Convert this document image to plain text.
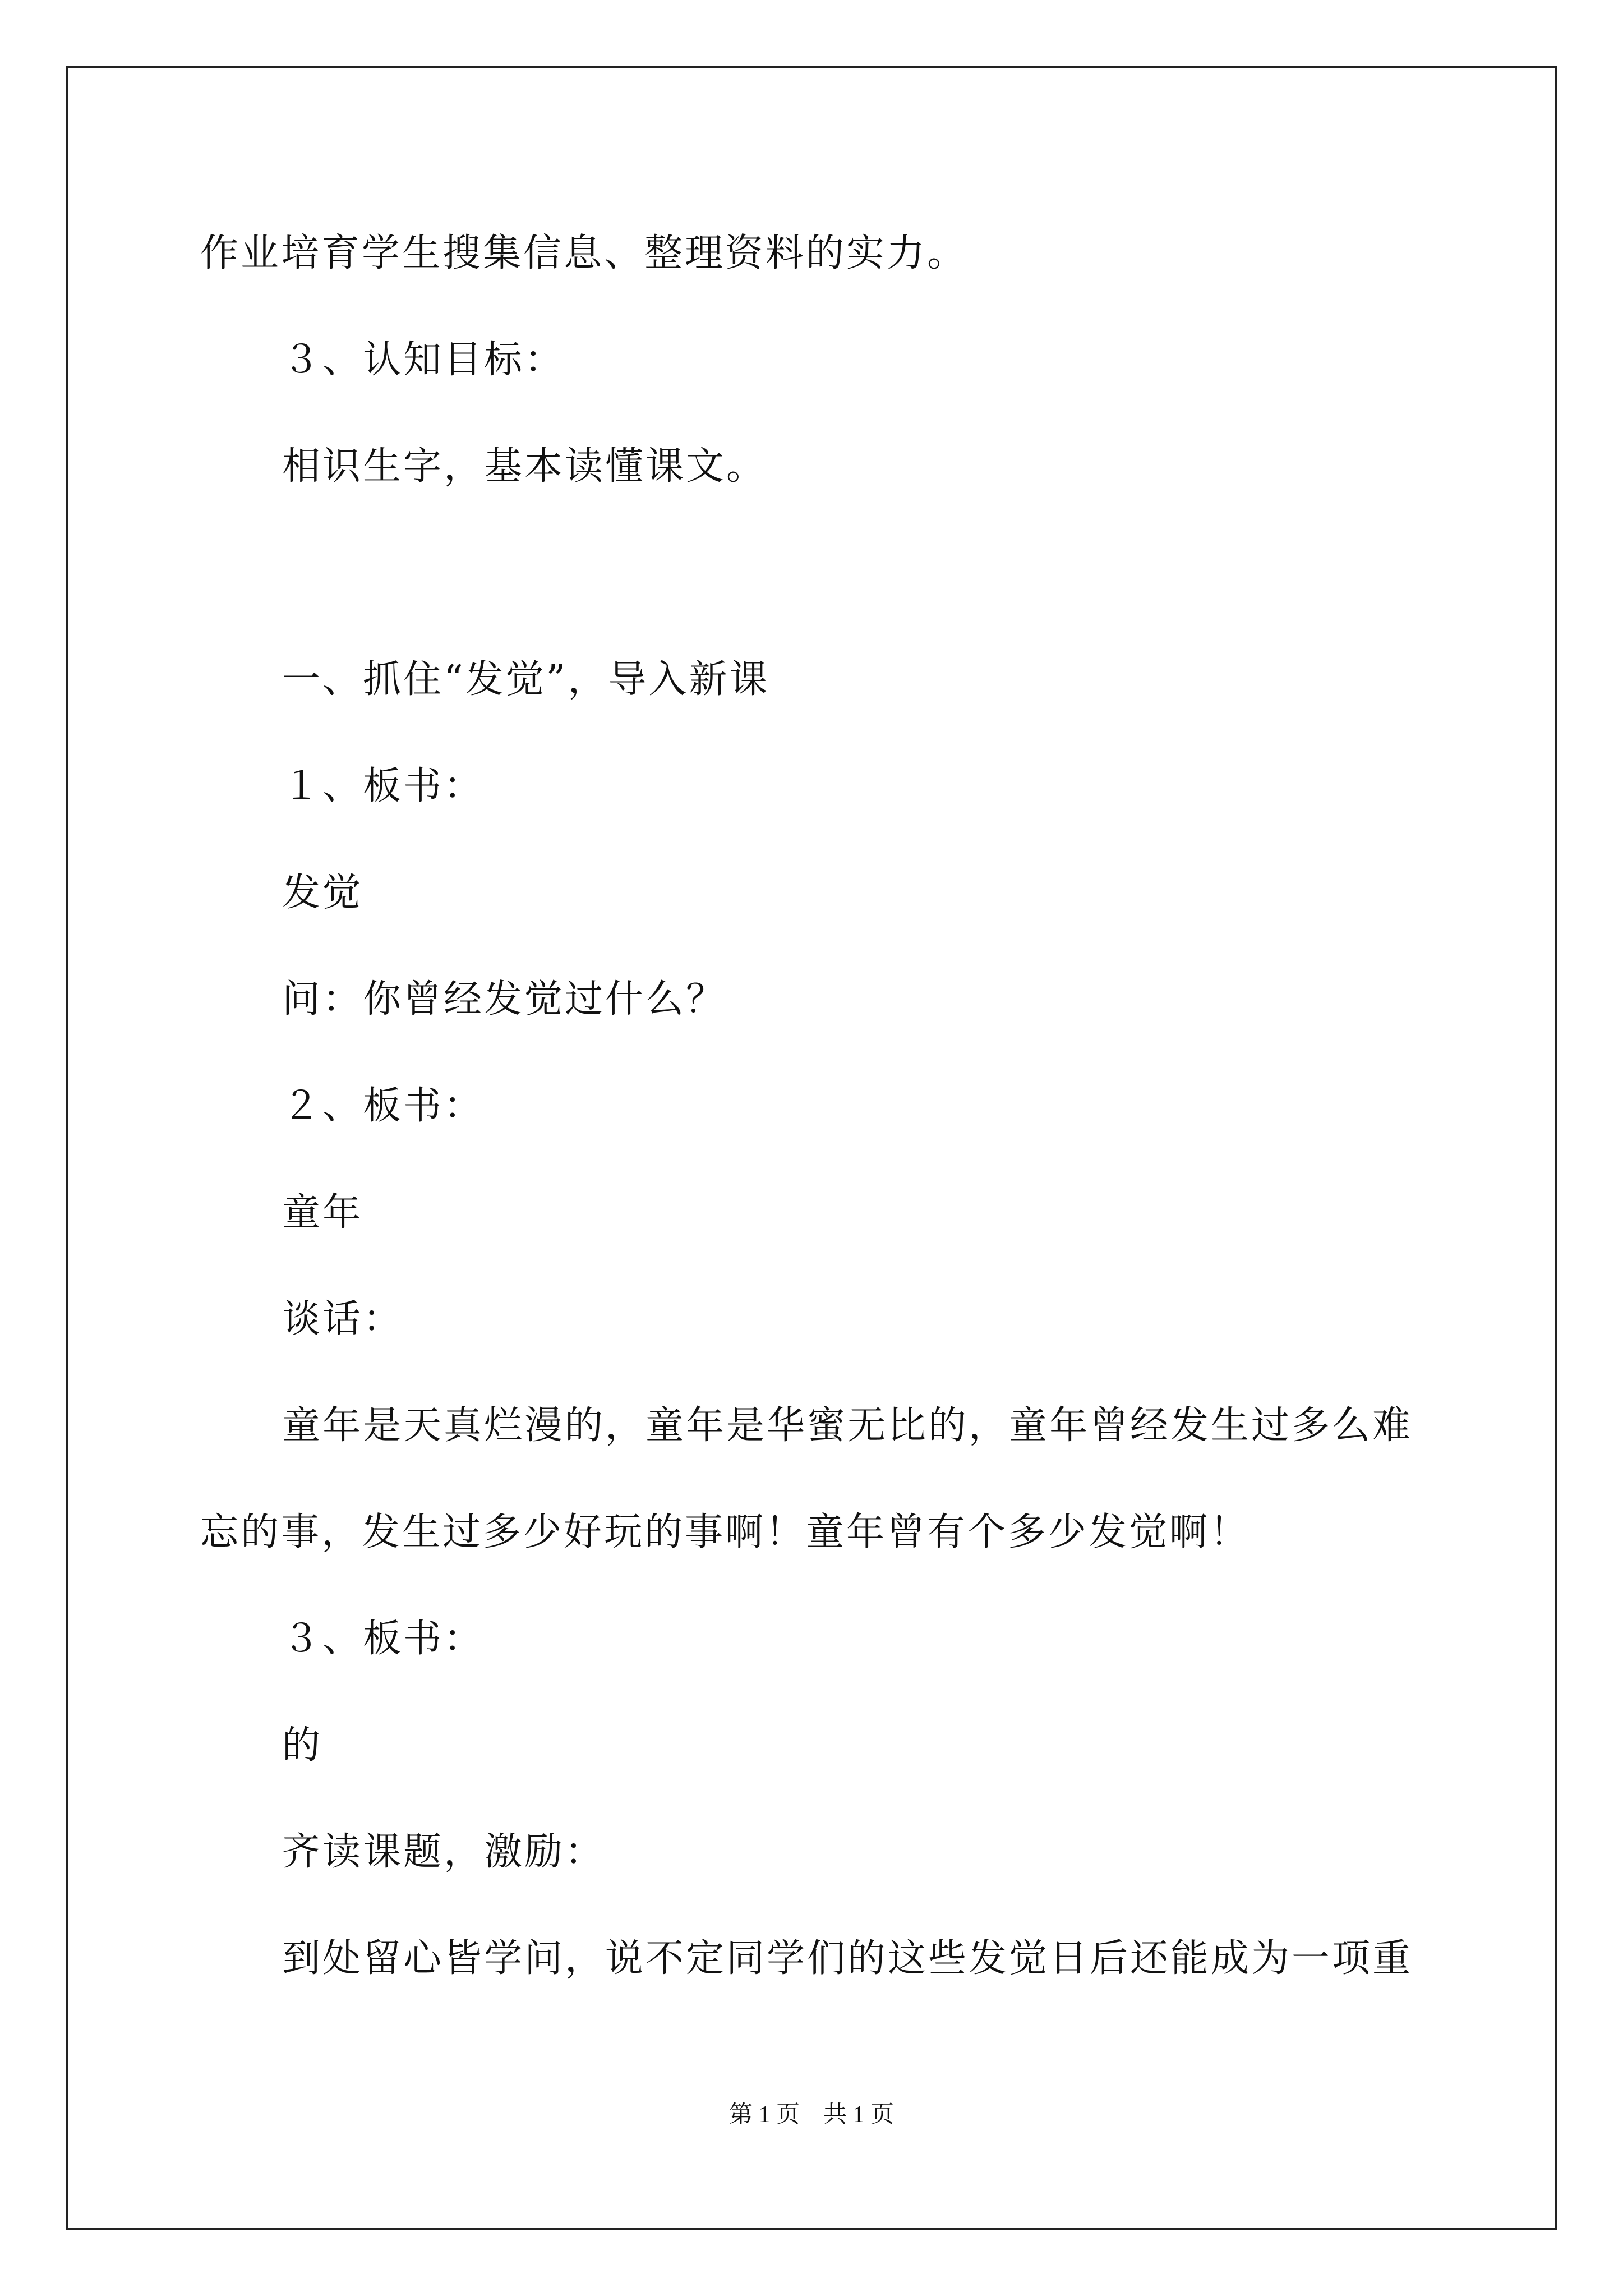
作业培育学生搜集信息、整理资料的实力。
３、认知目标：
相识生字，基本读懂课文。
一、抓住“发觉”，导入新课
１、板书：
发觉
问：你曾经发觉过什么？
２、板书：
童年
谈话：
童年是天真烂漫的，童年是华蜜无比的，童年曾经发生过多么难
忘的事，发生过多少好玩的事啊！童年曾有个多少发觉啊！
３、板书：
的
齐读课题，激励：
到处留心皆学问，说不定同学们的这些发觉日后还能成为一项重
第 1 页    共 1 页
